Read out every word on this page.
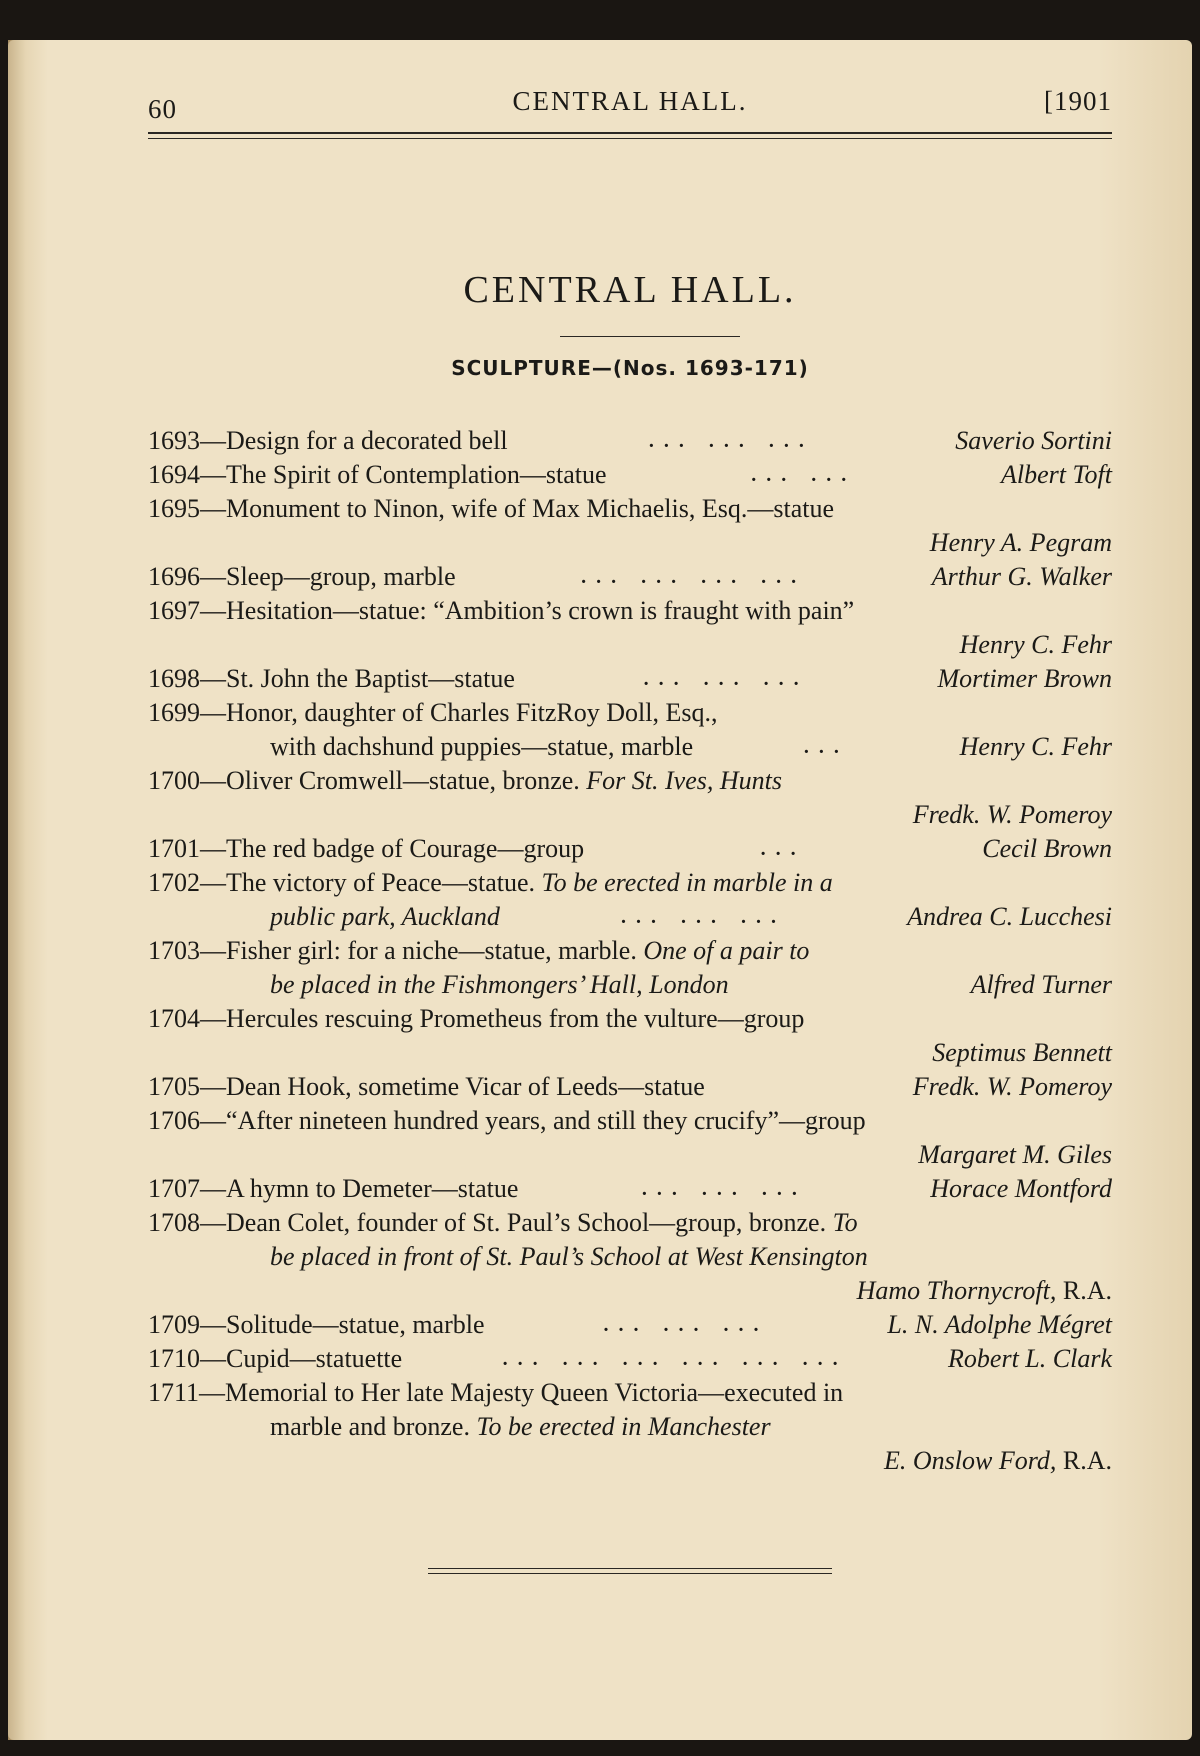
60	CENTRAL HALL.	[1901
CENTRAL HALL.
SCULPTURE—(Nos. 1693-171)
1693—Design for a decorated bell	... ... ...	Saverio Sortini
1694—The Spirit of Contemplation—statue	... ...	Albert Toft
1695—Monument to Ninon, wife of Max Michaelis, Esq.—statue
Henry A. Pegram
1696—Sleep—group, marble	... ... ... ...	Arthur G. Walker
1697—Hesitation—statue: “Ambition’s crown is fraught with pain”
Henry C. Fehr
1698—St. John the Baptist—statue	... ... ...	Mortimer Brown
1699—Honor, daughter of Charles FitzRoy Doll, Esq.,
with dachshund puppies—statue, marble	...	Henry C. Fehr
1700—Oliver Cromwell—statue, bronze. For St. Ives, Hunts
Fredk. W. Pomeroy
1701—The red badge of Courage—group	...	Cecil Brown
1702—The victory of Peace—statue. To be erected in marble in a
public park, Auckland	... ... ...	Andrea C. Lucchesi
1703—Fisher girl: for a niche—statue, marble. One of a pair to
be placed in the Fishmongers’ Hall, London	Alfred Turner
1704—Hercules rescuing Prometheus from the vulture—group
Septimus Bennett
1705—Dean Hook, sometime Vicar of Leeds—statue	Fredk. W. Pomeroy
1706—“After nineteen hundred years, and still they crucify”—group
Margaret M. Giles
1707—A hymn to Demeter—statue	... ... ...	Horace Montford
1708—Dean Colet, founder of St. Paul’s School—group, bronze. To
be placed in front of St. Paul’s School at West Kensington
Hamo Thornycroft, R.A.
1709—Solitude—statue, marble	... ... ...	L. N. Adolphe Mégret
1710—Cupid—statuette	... ... ... ... ... ...	Robert L. Clark
1711—Memorial to Her late Majesty Queen Victoria—executed in
marble and bronze. To be erected in Manchester
E. Onslow Ford, R.A.
